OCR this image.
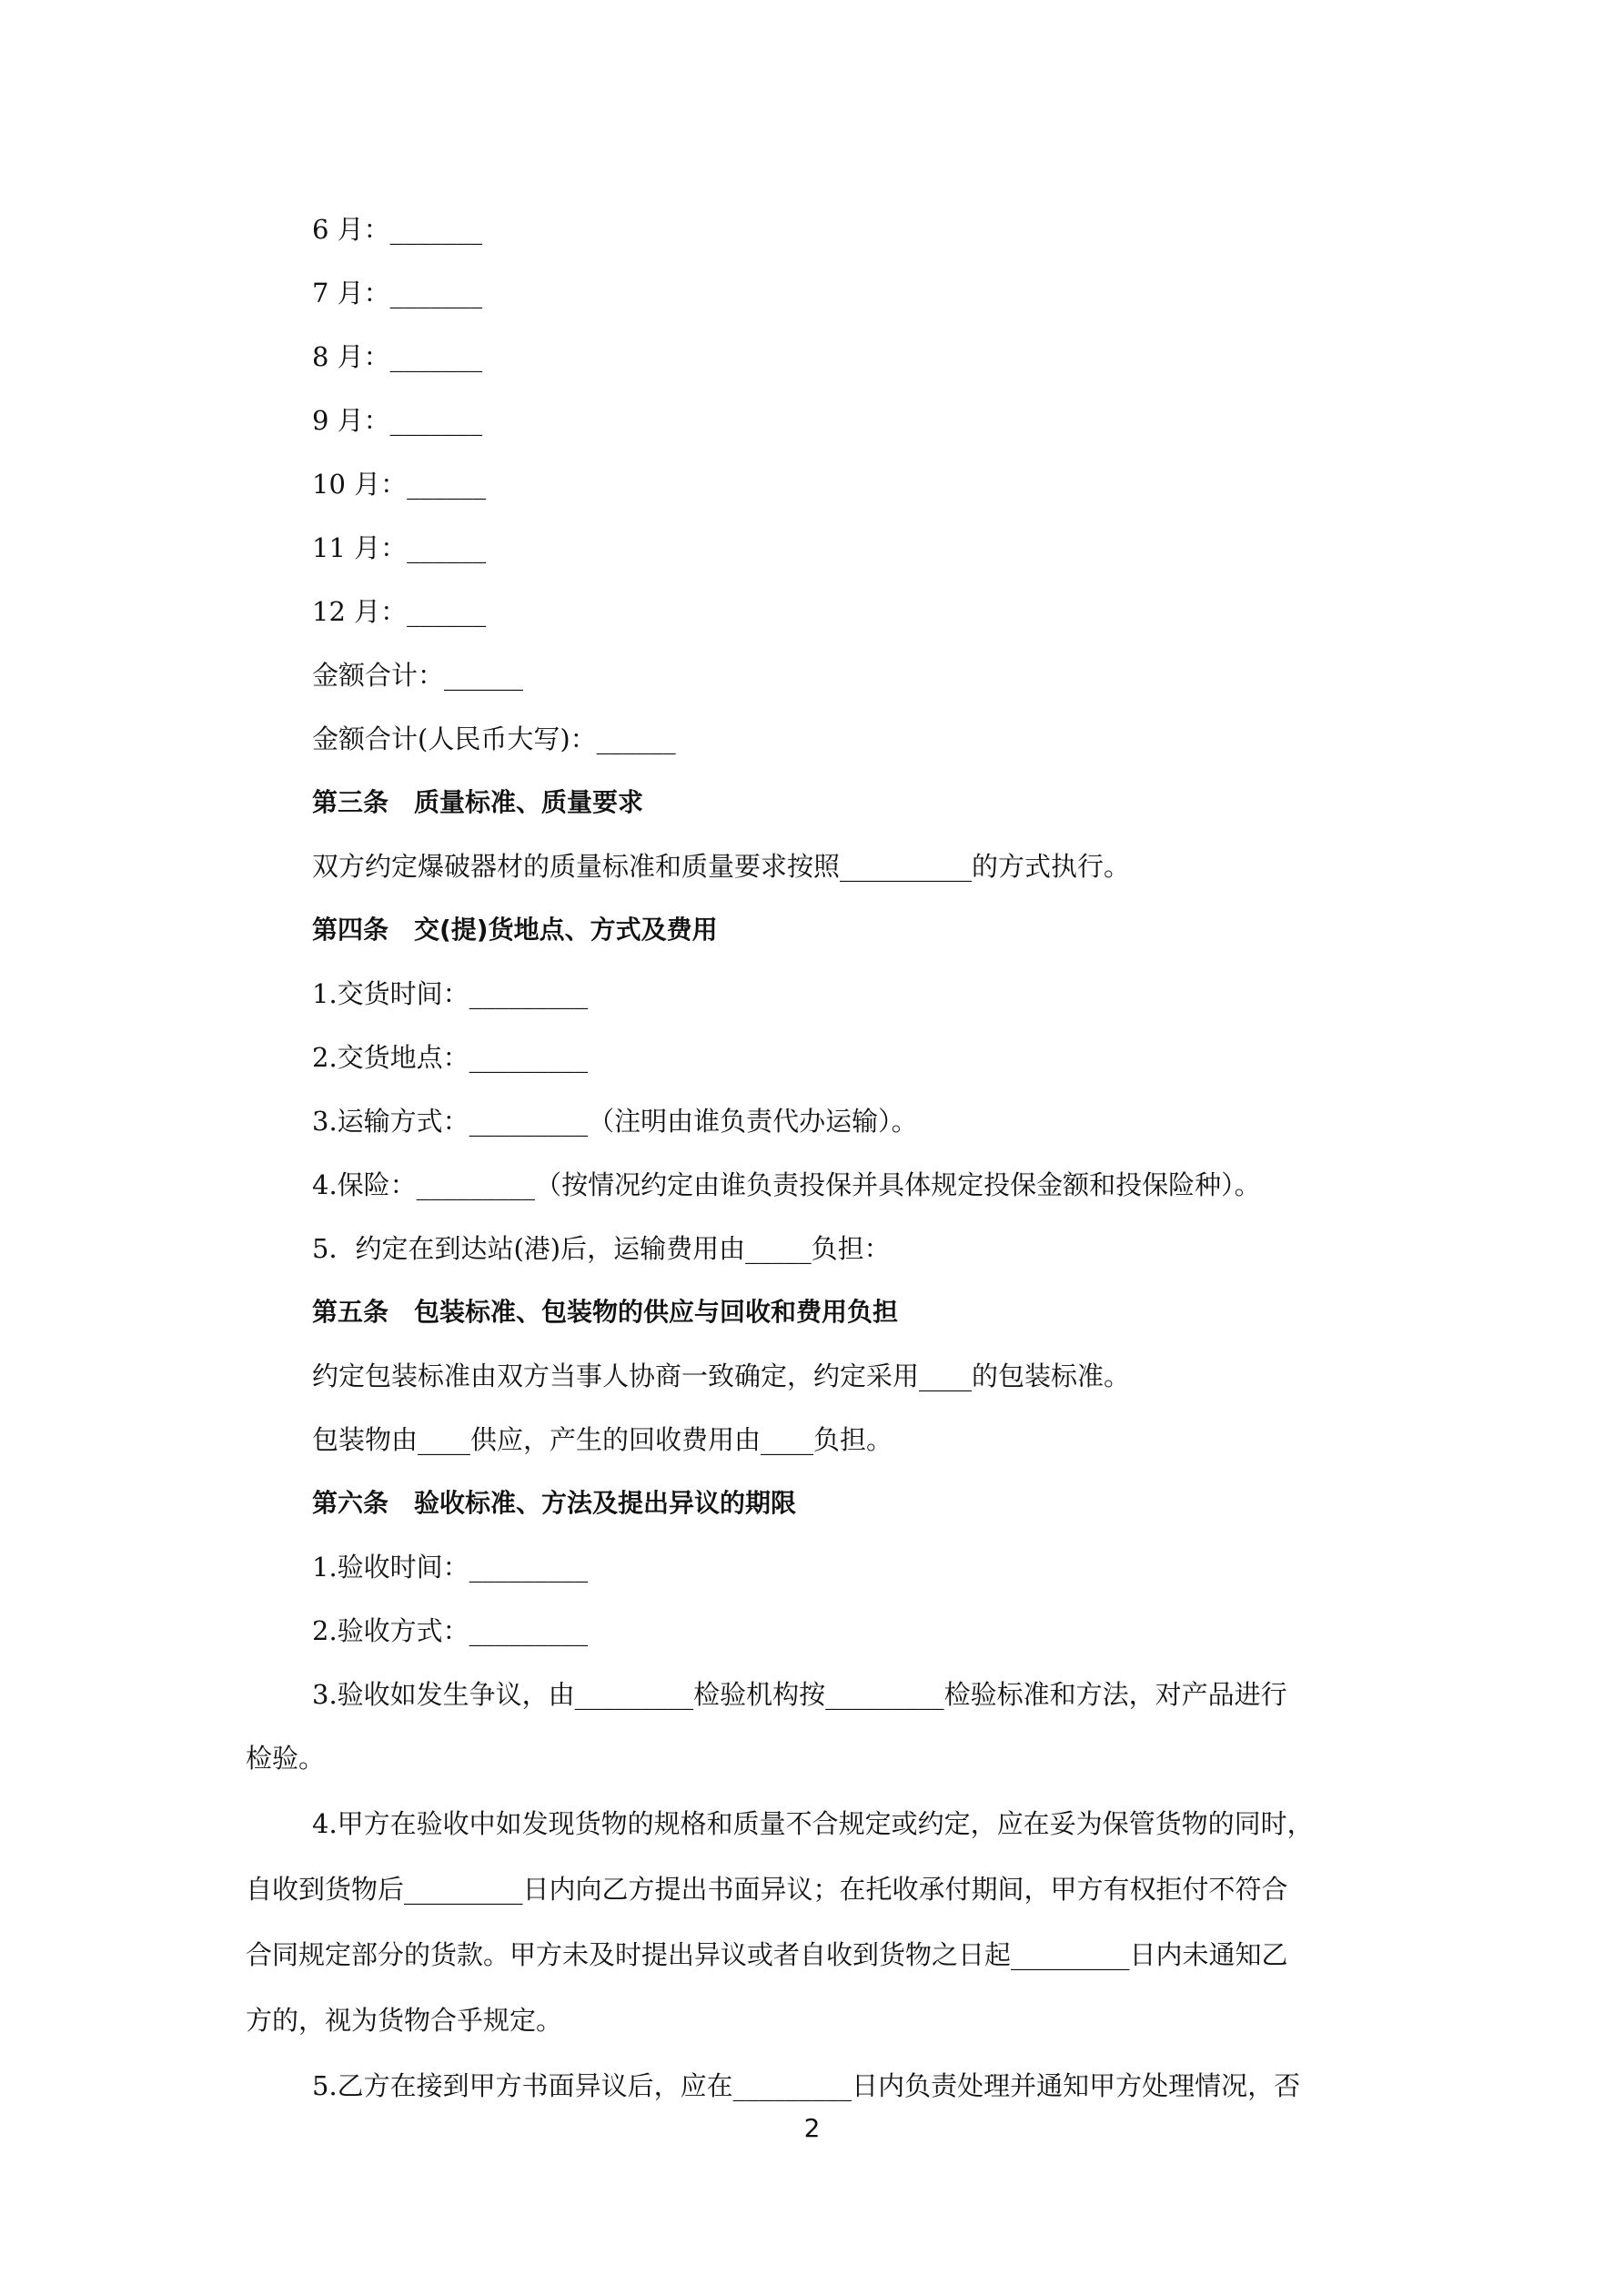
6 月：_______
7 月：_______
8 月：_______
9 月：_______
10 月：______
11 月：______
12 月：______
金额合计：______
金额合计(人民币大写)：______
第三条　质量标准、质量要求
双方约定爆破器材的质量标准和质量要求按照__________的方式执行。
第四条　交(提)货地点、方式及费用
1.交货时间：_________
2.交货地点：_________
3.运输方式：_________（注明由谁负责代办运输）。
4.保险：_________（按情况约定由谁负责投保并具体规定投保金额和投保险种）。
5．约定在到达站(港)后，运输费用由_____负担：
第五条　包装标准、包装物的供应与回收和费用负担
约定包装标准由双方当事人协商一致确定，约定采用____的包装标准。
包装物由____供应，产生的回收费用由____负担。
第六条　验收标准、方法及提出异议的期限
1.验收时间：_________
2.验收方式：_________
3.验收如发生争议，由_________检验机构按_________检验标准和方法，对产品进行
检验。
4.甲方在验收中如发现货物的规格和质量不合规定或约定，应在妥为保管货物的同时，
自收到货物后_________日内向乙方提出书面异议；在托收承付期间，甲方有权拒付不符合
合同规定部分的货款。甲方未及时提出异议或者自收到货物之日起_________日内未通知乙
方的，视为货物合乎规定。
5.乙方在接到甲方书面异议后，应在_________日内负责处理并通知甲方处理情况，否
2
